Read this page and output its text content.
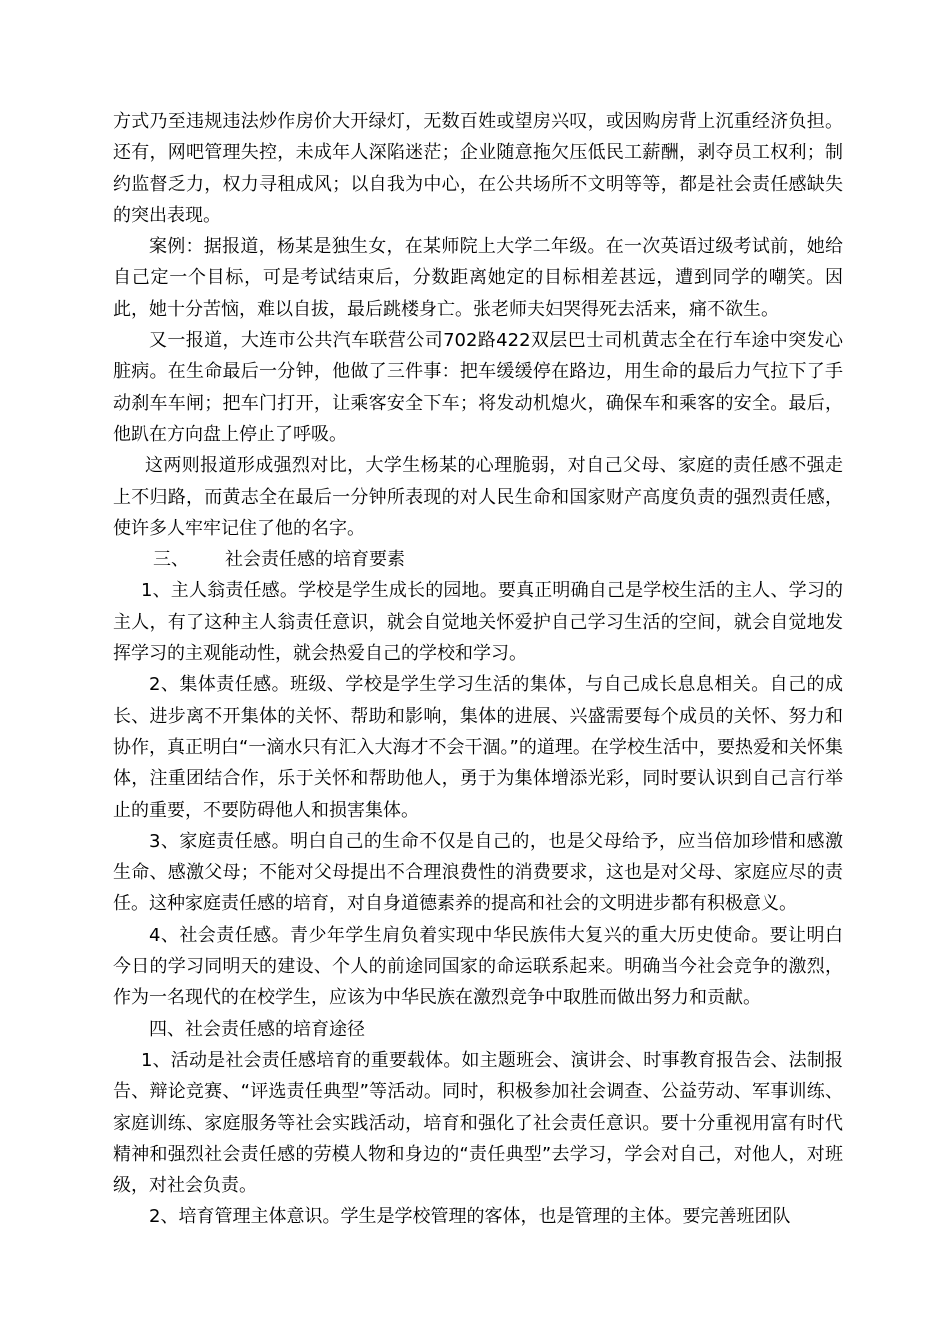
方式乃至违规违法炒作房价大开绿灯，无数百姓或望房兴叹，或因购房背上沉重经济负担。 还有，网吧管理失控，未成年人深陷迷茫；企业随意拖欠压低民工薪酬，剥夺员工权利；制约监督乏力，权力寻租成风；以自我为中心，在公共场所不文明等等，都是社会责任感缺失的突出表现。

案例：据报道，杨某是独生女，在某师院上大学二年级。在一次英语过级考试前，她给自己定一个目标，可是考试结束后，分数距离她定的目标相差甚远，遭到同学的嘲笑。因此，她十分苦恼，难以自拔，最后跳楼身亡。张老师夫妇哭得死去活来，痛不欲生。

又一报道，大连市公共汽车联营公司702路422双层巴士司机黄志全在行车途中突发心脏病。在生命最后一分钟，他做了三件事：把车缓缓停在路边，用生命的最后力气拉下了手动刹车车闸；把车门打开，让乘客安全下车；将发动机熄火，确保车和乘客的安全。最后，他趴在方向盘上停止了呼吸。

这两则报道形成强烈对比，大学生杨某的心理脆弱，对自己父母、家庭的责任感不强走上不归路，而黄志全在最后一分钟所表现的对人民生命和国家财产高度负责的强烈责任感，使许多人牢牢记住了他的名字。

三、 社会责任感的培育要素

1、主人翁责任感。学校是学生成长的园地。要真正明确自己是学校生活的主人、学习的主人，有了这种主人翁责任意识，就会自觉地关怀爱护自己学习生活的空间，就会自觉地发挥学习的主观能动性，就会热爱自己的学校和学习。

2、集体责任感。班级、学校是学生学习生活的集体，与自己成长息息相关。自己的成长、进步离不开集体的关怀、帮助和影响，集体的进展、兴盛需要每个成员的关怀、努力和协作，真正明白“一滴水只有汇入大海才不会干涸。”的道理。在学校生活中，要热爱和关怀集体，注重团结合作，乐于关怀和帮助他人，勇于为集体增添光彩，同时要认识到自己言行举止的重要，不要防碍他人和损害集体。

3、家庭责任感。明白自己的生命不仅是自己的，也是父母给予，应当倍加珍惜和感激生命、感激父母；不能对父母提出不合理浪费性的消费要求，这也是对父母、家庭应尽的责任。这种家庭责任感的培育，对自身道德素养的提高和社会的文明进步都有积极意义。

4、社会责任感。青少年学生肩负着实现中华民族伟大复兴的重大历史使命。要让明白今日的学习同明天的建设、个人的前途同国家的命运联系起来。明确当今社会竞争的激烈，作为一名现代的在校学生，应该为中华民族在激烈竞争中取胜而做出努力和贡献。

四、社会责任感的培育途径

1、活动是社会责任感培育的重要载体。如主题班会、演讲会、时事教育报告会、法制报告、辩论竞赛、“评选责任典型”等活动。同时，积极参加社会调查、公益劳动、军事训练、家庭训练、家庭服务等社会实践活动，培育和强化了社会责任意识。要十分重视用富有时代精神和强烈社会责任感的劳模人物和身边的“责任典型”去学习，学会对自己，对他人，对班级，对社会负责。

2、培育管理主体意识。学生是学校管理的客体，也是管理的主体。要完善班团队
